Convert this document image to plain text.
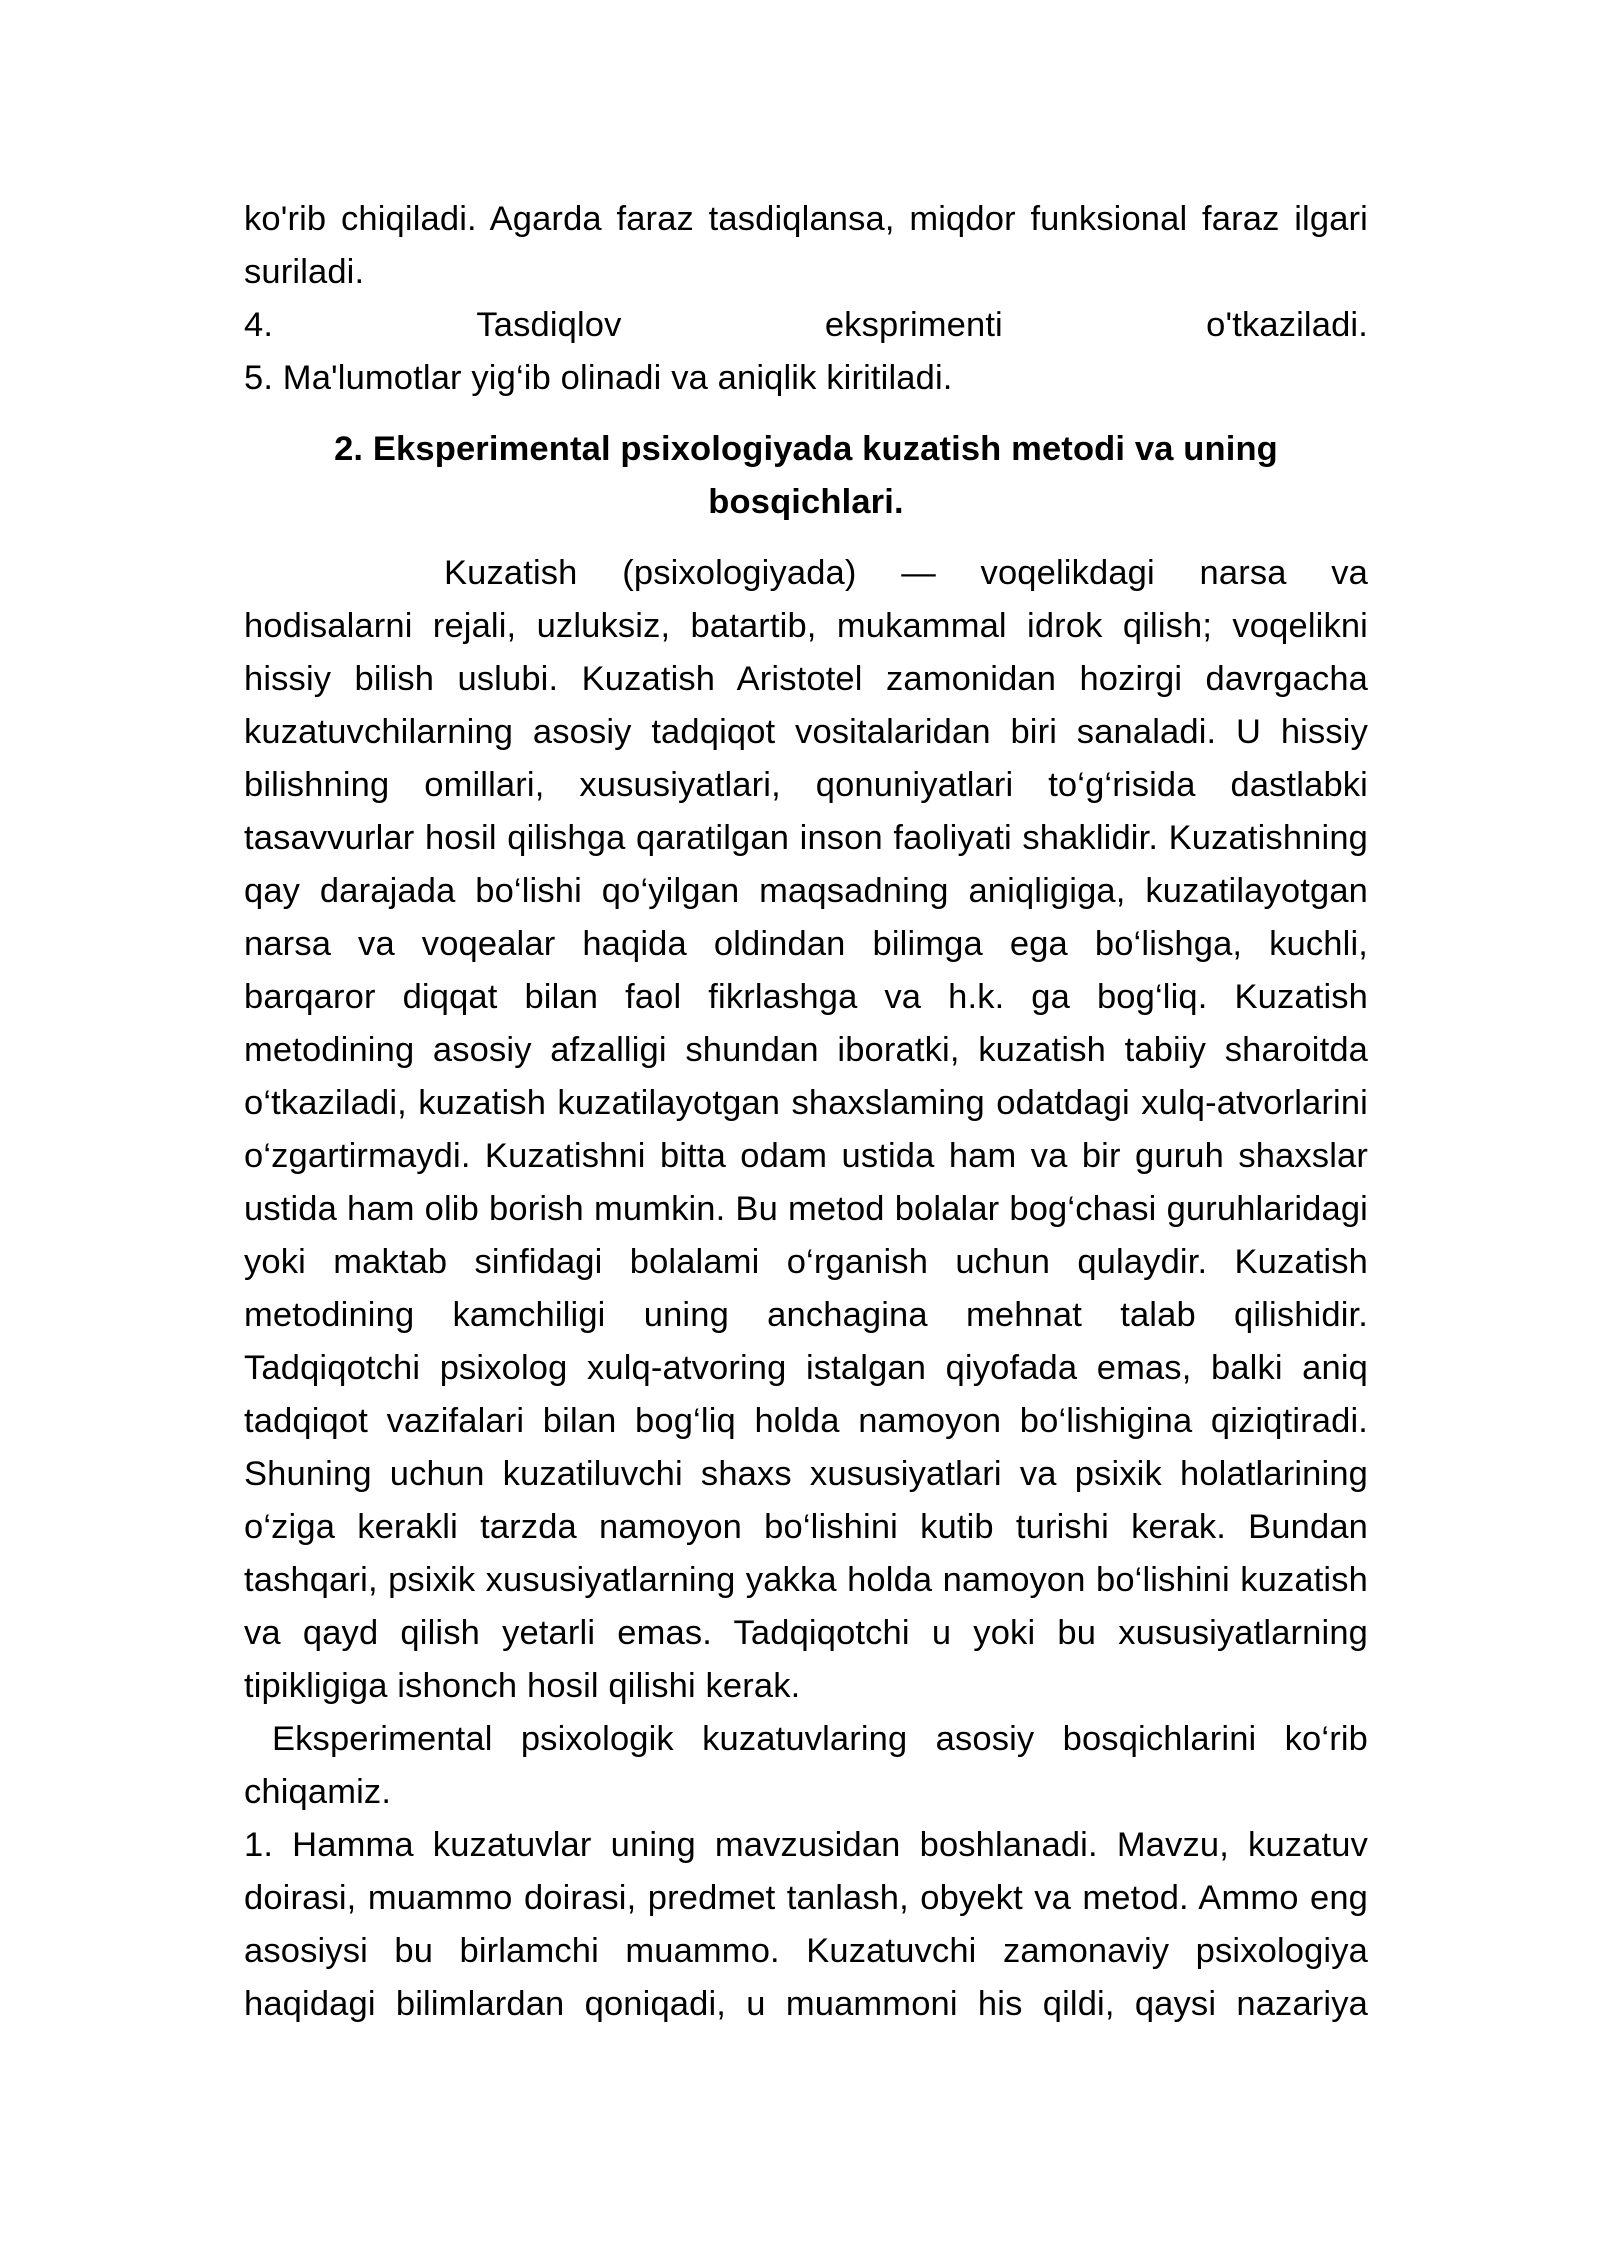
ko'rib chiqiladi. Agarda faraz tasdiqlansa, miqdor funksional faraz ilgari suriladi.

4.	Tasdiqlov	eksprimentі	o'tkaziladi.

5. Ma'lumotlar yig‘ib olinadi va aniqlik kiritiladi.

2. Eksperimental psixologiyada kuzatish metodi va uning bosqichlari.

Kuzatish (psixologiyada) — voqelikdagi narsa va hodisalarni rejali, uzluksiz, batartib, mukammal idrok qilish; voqelikni hissiy bilish uslubi. Kuzatish Aristotel zamonidan hozirgi davrgacha kuzatuvchilarning asosiy tadqiqot vositalaridan biri sanaladi. U hissiy bilishning omillari, xususiyatlari, qonuniyatlari to‘g‘risida dastlabki tasavvurlar hosil qilishga qaratilgan inson faoliyati shaklidir. Kuzatishning qay darajada bo‘lishi qo‘yilgan maqsadning aniqligiga, kuzatilayotgan narsa va voqealar haqida oldindan bilimga ega bo‘lishga, kuchli, barqaror diqqat bilan faol fikrlashga va h.k. ga bog‘liq. Kuzatish metodining asosiy afzalligi shundan iboratki, kuzatish tabiiy sharoitda o‘tkaziladi, kuzatish kuzatilayotgan shaxslaming odatdagi xulq-atvorlarini o‘zgartirmaydi. Kuzatishni bitta odam ustida ham va bir guruh shaxslar ustida ham olib borish mumkin. Bu metod bolalar bog‘chasi guruhlaridagi yoki maktab sinfidagi bolalami o‘rganish uchun qulaydir. Kuzatish metodining kamchiligi uning anchagina mehnat talab qilishidir. Tadqiqotchi psixolog xulq-atvoring istalgan qiyofada emas, balki aniq tadqiqot vazifalari bilan bog‘liq holda namoyon bo‘lishigina qiziqtiradi. Shuning uchun kuzatiluvchi shaxs xususiyatlari va psixik holatlarining o‘ziga kerakli tarzda namoyon bo‘lishini kutib turishi kerak. Bundan tashqari, psixik xususiyatlarning yakka holda namoyon bo‘lishini kuzatish va qayd qilish yetarli emas. Tadqiqotchi u yoki bu xususiyatlarning tipikligiga ishonch hosil qilishi kerak.

Eksperimental psixologik kuzatuvlaring asosiy bosqichlarini ko‘rib chiqamiz.

1. Hamma kuzatuvlar uning mavzusidan boshlanadi. Mavzu, kuzatuv doirasi, muammo doirasi, predmet tanlash, obyekt va metod. Ammo eng asosiysi bu birlamchi muammo. Kuzatuvchi zamonaviy psixologiya haqidagi bilimlardan qoniqadi, u muammoni his qildi, qaysi nazariya
